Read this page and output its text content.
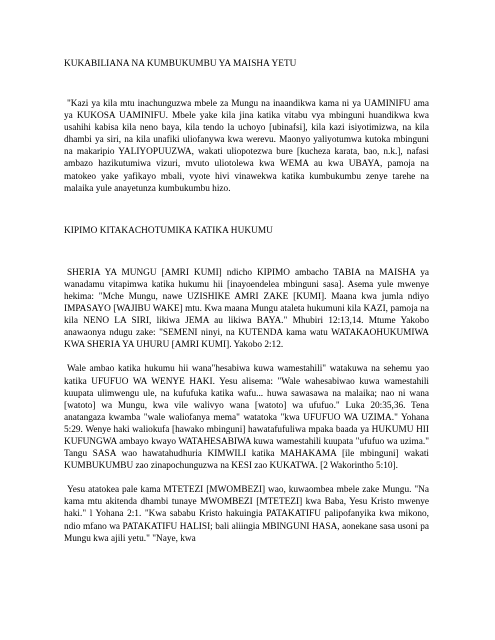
KUKABILIANA NA KUMBUKUMBU YA MAISHA YETU

"Kazi ya kila mtu inachunguzwa mbele za Mungu na inaandikwa kama ni ya UAMINIFU ama ya KUKOSA UAMINIFU. Mbele yake kila jina katika vitabu vya mbinguni huandikwa kwa usahihi kabisa kila neno baya, kila tendo la uchoyo [ubinafsi], kila kazi isiyotimizwa, na kila dhambi ya siri, na kila unafiki uliofanywa kwa werevu. Maonyo yaliyotumwa kutoka mbinguni na makaripio YALIYOPUUZWA, wakati uliopotezwa bure [kucheza karata, bao, n.k.], nafasi ambazo hazikutumiwa vizuri, mvuto uliotolewa kwa WEMA au kwa UBAYA, pamoja na matokeo yake yafikayo mbali, vyote hivi vinawekwa katika kumbukumbu zenye tarehe na malaika yule anayetunza kumbukumbu hizo.

KIPIMO KITAKACHOTUMIKA KATIKA HUKUMU

SHERIA YA MUNGU [AMRI KUMI] ndicho KIPIMO ambacho TABIA na MAISHA ya wanadamu vitapimwa katika hukumu hii [inayoendelea mbinguni sasa]. Asema yule mwenye hekima: "Mche Mungu, nawe UZISHIKE AMRI ZAKE [KUMI]. Maana kwa jumla ndiyo IMPASAYO [WAJIBU WAKE] mtu. Kwa maana Mungu ataleta hukumuni kila KAZI, pamoja na kila NENO LA SIRI, likiwa JEMA au likiwa BAYA." Mhubiri 12:13,14. Mtume Yakobo anawaonya ndugu zake: "SEMENI ninyi, na KUTENDA kama watu WATAKAOHUKUMIWA KWA SHERIA YA UHURU [AMRI KUMI]. Yakobo 2:12.

Wale ambao katika hukumu hii wana"hesabiwa kuwa wamestahili" watakuwa na sehemu yao katika UFUFUO WA WENYE HAKI. Yesu alisema: "Wale wahesabiwao kuwa wamestahili kuupata ulimwengu ule, na kufufuka katika wafu... huwa sawasawa na malaika; nao ni wana [watoto] wa Mungu, kwa vile walivyo wana [watoto] wa ufufuo." Luka 20:35,36. Tena anatangaza kwamba "wale waliofanya mema" watatoka "kwa UFUFUO WA UZIMA." Yohana 5:29. Wenye haki waliokufa [hawako mbinguni] hawatafufuliwa mpaka baada ya HUKUMU HII KUFUNGWA ambayo kwayo WATAHESABIWA kuwa wamestahili kuupata "ufufuo wa uzima." Tangu SASA wao hawatahudhuria KIMWILI katika MAHAKAMA [ile mbinguni] wakati KUMBUKUMBU zao zinapochunguzwa na KESI zao KUKATWA. [2 Wakorintho 5:10].

Yesu atatokea pale kama MTETEZI [MWOMBEZI] wao, kuwaombea mbele zake Mungu. "Na kama mtu akitenda dhambi tunaye MWOMBEZI [MTETEZI] kwa Baba, Yesu Kristo mwenye haki." l Yohana 2:1. "Kwa sababu Kristo hakuingia PATAKATIFU palipofanyika kwa mikono, ndio mfano wa PATAKATIFU HALISI; bali aliingia MBINGUNI HASA, aonekane sasa usoni pa Mungu kwa ajili yetu." "Naye, kwa
